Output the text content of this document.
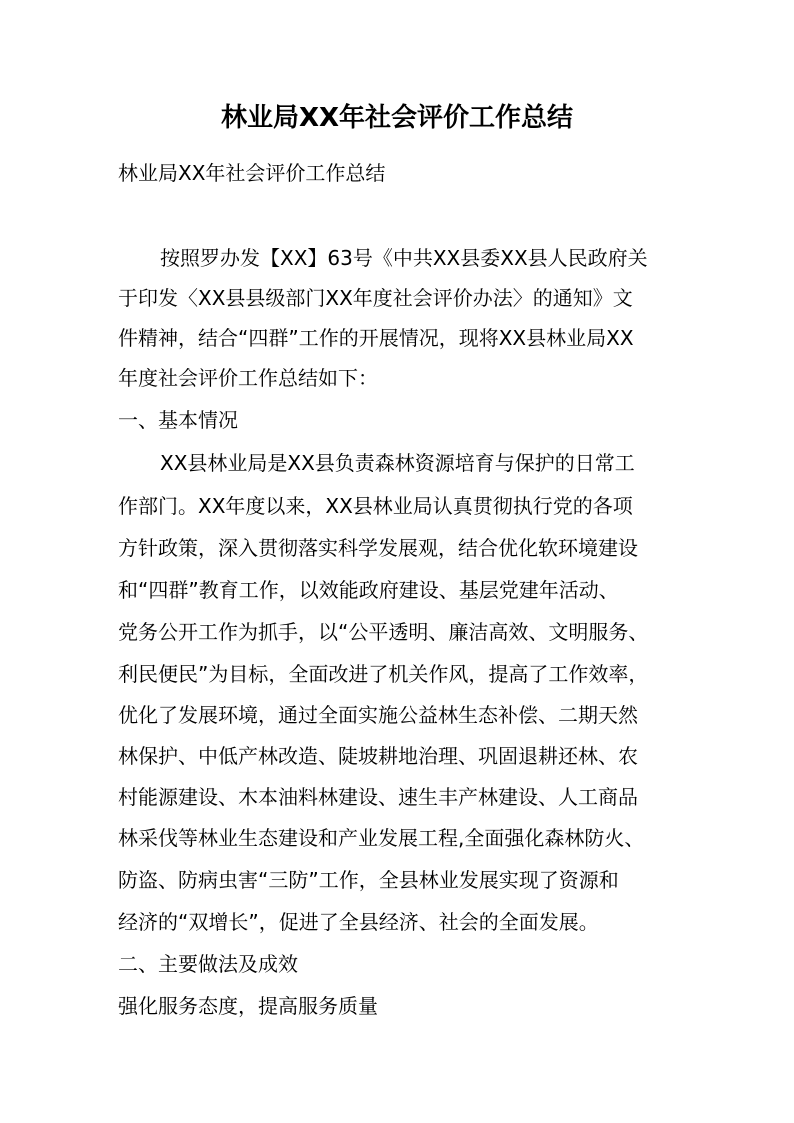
林业局XX年社会评价工作总结
林业局XX年社会评价工作总结
按照罗办发【XX】63号《中共XX县委XX县人民政府关
于印发〈XX县县级部门XX年度社会评价办法〉的通知》文
件精神，结合“四群”工作的开展情况，现将XX县林业局XX
年度社会评价工作总结如下：
一、基本情况
XX县林业局是XX县负责森林资源培育与保护的日常工
作部门。XX年度以来，XX县林业局认真贯彻执行党的各项
方针政策，深入贯彻落实科学发展观，结合优化软环境建设
和“四群”教育工作，以效能政府建设、基层党建年活动、
党务公开工作为抓手，以“公平透明、廉洁高效、文明服务、
利民便民”为目标，全面改进了机关作风，提高了工作效率，
优化了发展环境，通过全面实施公益林生态补偿、二期天然
林保护、中低产林改造、陡坡耕地治理、巩固退耕还林、农
村能源建设、木本油料林建设、速生丰产林建设、人工商品
林采伐等林业生态建设和产业发展工程,全面强化森林防火、
防盗、防病虫害“三防”工作，全县林业发展实现了资源和
经济的“双增长”，促进了全县经济、社会的全面发展。
二、主要做法及成效
强化服务态度，提高服务质量
